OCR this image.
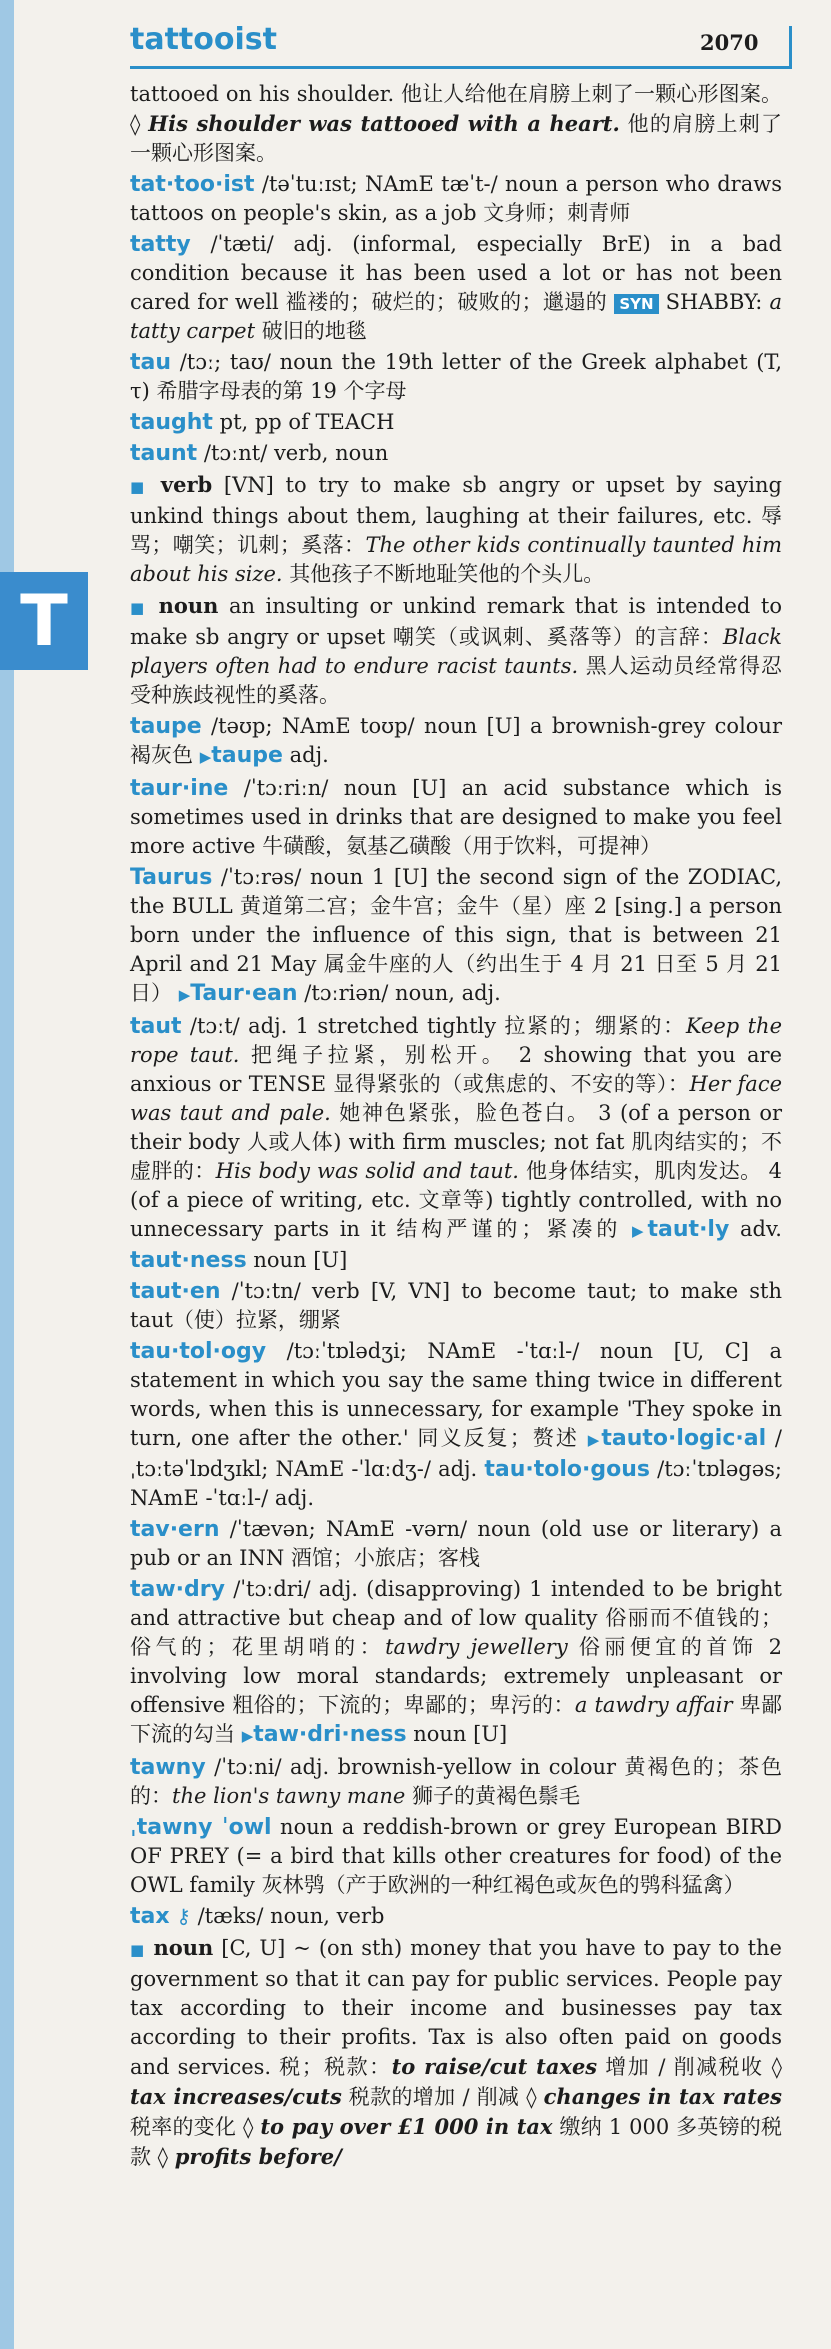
tattooist	2070
T

tattooed on his shoulder. 他让人给他在肩膀上刺了一颗心形图案。◊ His shoulder was tattooed with a heart. 他的肩膀上刺了一颗心形图案。

tat·too·ist /təˈtuːɪst; NAmE tæˈt-/ noun a person who draws tattoos on people's skin, as a job 文身师；刺青师

tatty /ˈtæti/ adj. (informal, especially BrE) in a bad condition because it has been used a lot or has not been cared for well 褴褛的；破烂的；破败的；邋遢的 SYN SHABBY: a tatty carpet 破旧的地毯

tau /tɔː; taʊ/ noun the 19th letter of the Greek alphabet (T, τ) 希腊字母表的第 19 个字母

taught pt, pp of TEACH

taunt /tɔːnt/ verb, noun

■ verb [VN] to try to make sb angry or upset by saying unkind things about them, laughing at their failures, etc. 辱骂；嘲笑；讥刺；奚落：The other kids continually taunted him about his size. 其他孩子不断地耻笑他的个头儿。

■ noun an insulting or unkind remark that is intended to make sb angry or upset 嘲笑（或讽刺、奚落等）的言辞：Black players often had to endure racist taunts. 黑人运动员经常得忍受种族歧视性的奚落。

taupe /təʊp; NAmE toʊp/ noun [U] a brownish-grey colour 褐灰色 ▶taupe adj.

taur·ine /ˈtɔːriːn/ noun [U] an acid substance which is sometimes used in drinks that are designed to make you feel more active 牛磺酸，氨基乙磺酸（用于饮料，可提神）

Taurus /ˈtɔːrəs/ noun 1 [U] the second sign of the ZODIAC, the BULL 黄道第二宫；金牛宫；金牛（星）座 2 [sing.] a person born under the influence of this sign, that is between 21 April and 21 May 属金牛座的人（约出生于 4 月 21 日至 5 月 21 日） ▶Taur·ean /tɔːriən/ noun, adj.

taut /tɔːt/ adj. 1 stretched tightly 拉紧的；绷紧的：Keep the rope taut. 把绳子拉紧，别松开。 2 showing that you are anxious or TENSE 显得紧张的（或焦虑的、不安的等）：Her face was taut and pale. 她神色紧张，脸色苍白。 3 (of a person or their body 人或人体) with firm muscles; not fat 肌肉结实的；不虚胖的：His body was solid and taut. 他身体结实，肌肉发达。 4 (of a piece of writing, etc. 文章等) tightly controlled, with no unnecessary parts in it 结构严谨的；紧凑的 ▶taut·ly adv. taut·ness noun [U]

taut·en /ˈtɔːtn/ verb [V, VN] to become taut; to make sth taut（使）拉紧，绷紧

tau·tol·ogy /tɔːˈtɒlədʒi; NAmE -ˈtɑːl-/ noun [U, C] a statement in which you say the same thing twice in different words, when this is unnecessary, for example 'They spoke in turn, one after the other.' 同义反复；赘述 ▶tauto·logic·al /ˌtɔːtəˈlɒdʒɪkl; NAmE -ˈlɑːdʒ-/ adj. tau·tolo·gous /tɔːˈtɒləgəs; NAmE -ˈtɑːl-/ adj.

tav·ern /ˈtævən; NAmE -vərn/ noun (old use or literary) a pub or an INN 酒馆；小旅店；客栈

taw·dry /ˈtɔːdri/ adj. (disapproving) 1 intended to be bright and attractive but cheap and of low quality 俗丽而不值钱的；俗气的；花里胡哨的：tawdry jewellery 俗丽便宜的首饰 2 involving low moral standards; extremely unpleasant or offensive 粗俗的；下流的；卑鄙的；卑污的：a tawdry affair 卑鄙下流的勾当 ▶taw·dri·ness noun [U]

tawny /ˈtɔːni/ adj. brownish-yellow in colour 黄褐色的；茶色的：the lion's tawny mane 狮子的黄褐色鬃毛

ˌtawny ˈowl noun a reddish-brown or grey European BIRD OF PREY (= a bird that kills other creatures for food) of the OWL family 灰林鸮（产于欧洲的一种红褐色或灰色的鸮科猛禽）

tax ⚷ /tæks/ noun, verb

■ noun [C, U] ~ (on sth) money that you have to pay to the government so that it can pay for public services. People pay tax according to their income and businesses pay tax according to their profits. Tax is also often paid on goods and services. 税；税款：to raise/cut taxes 增加 / 削减税收 ◊ tax increases/cuts 税款的增加 / 削减 ◊ changes in tax rates 税率的变化 ◊ to pay over £1 000 in tax 缴纳 1 000 多英镑的税款 ◊ profits before/
